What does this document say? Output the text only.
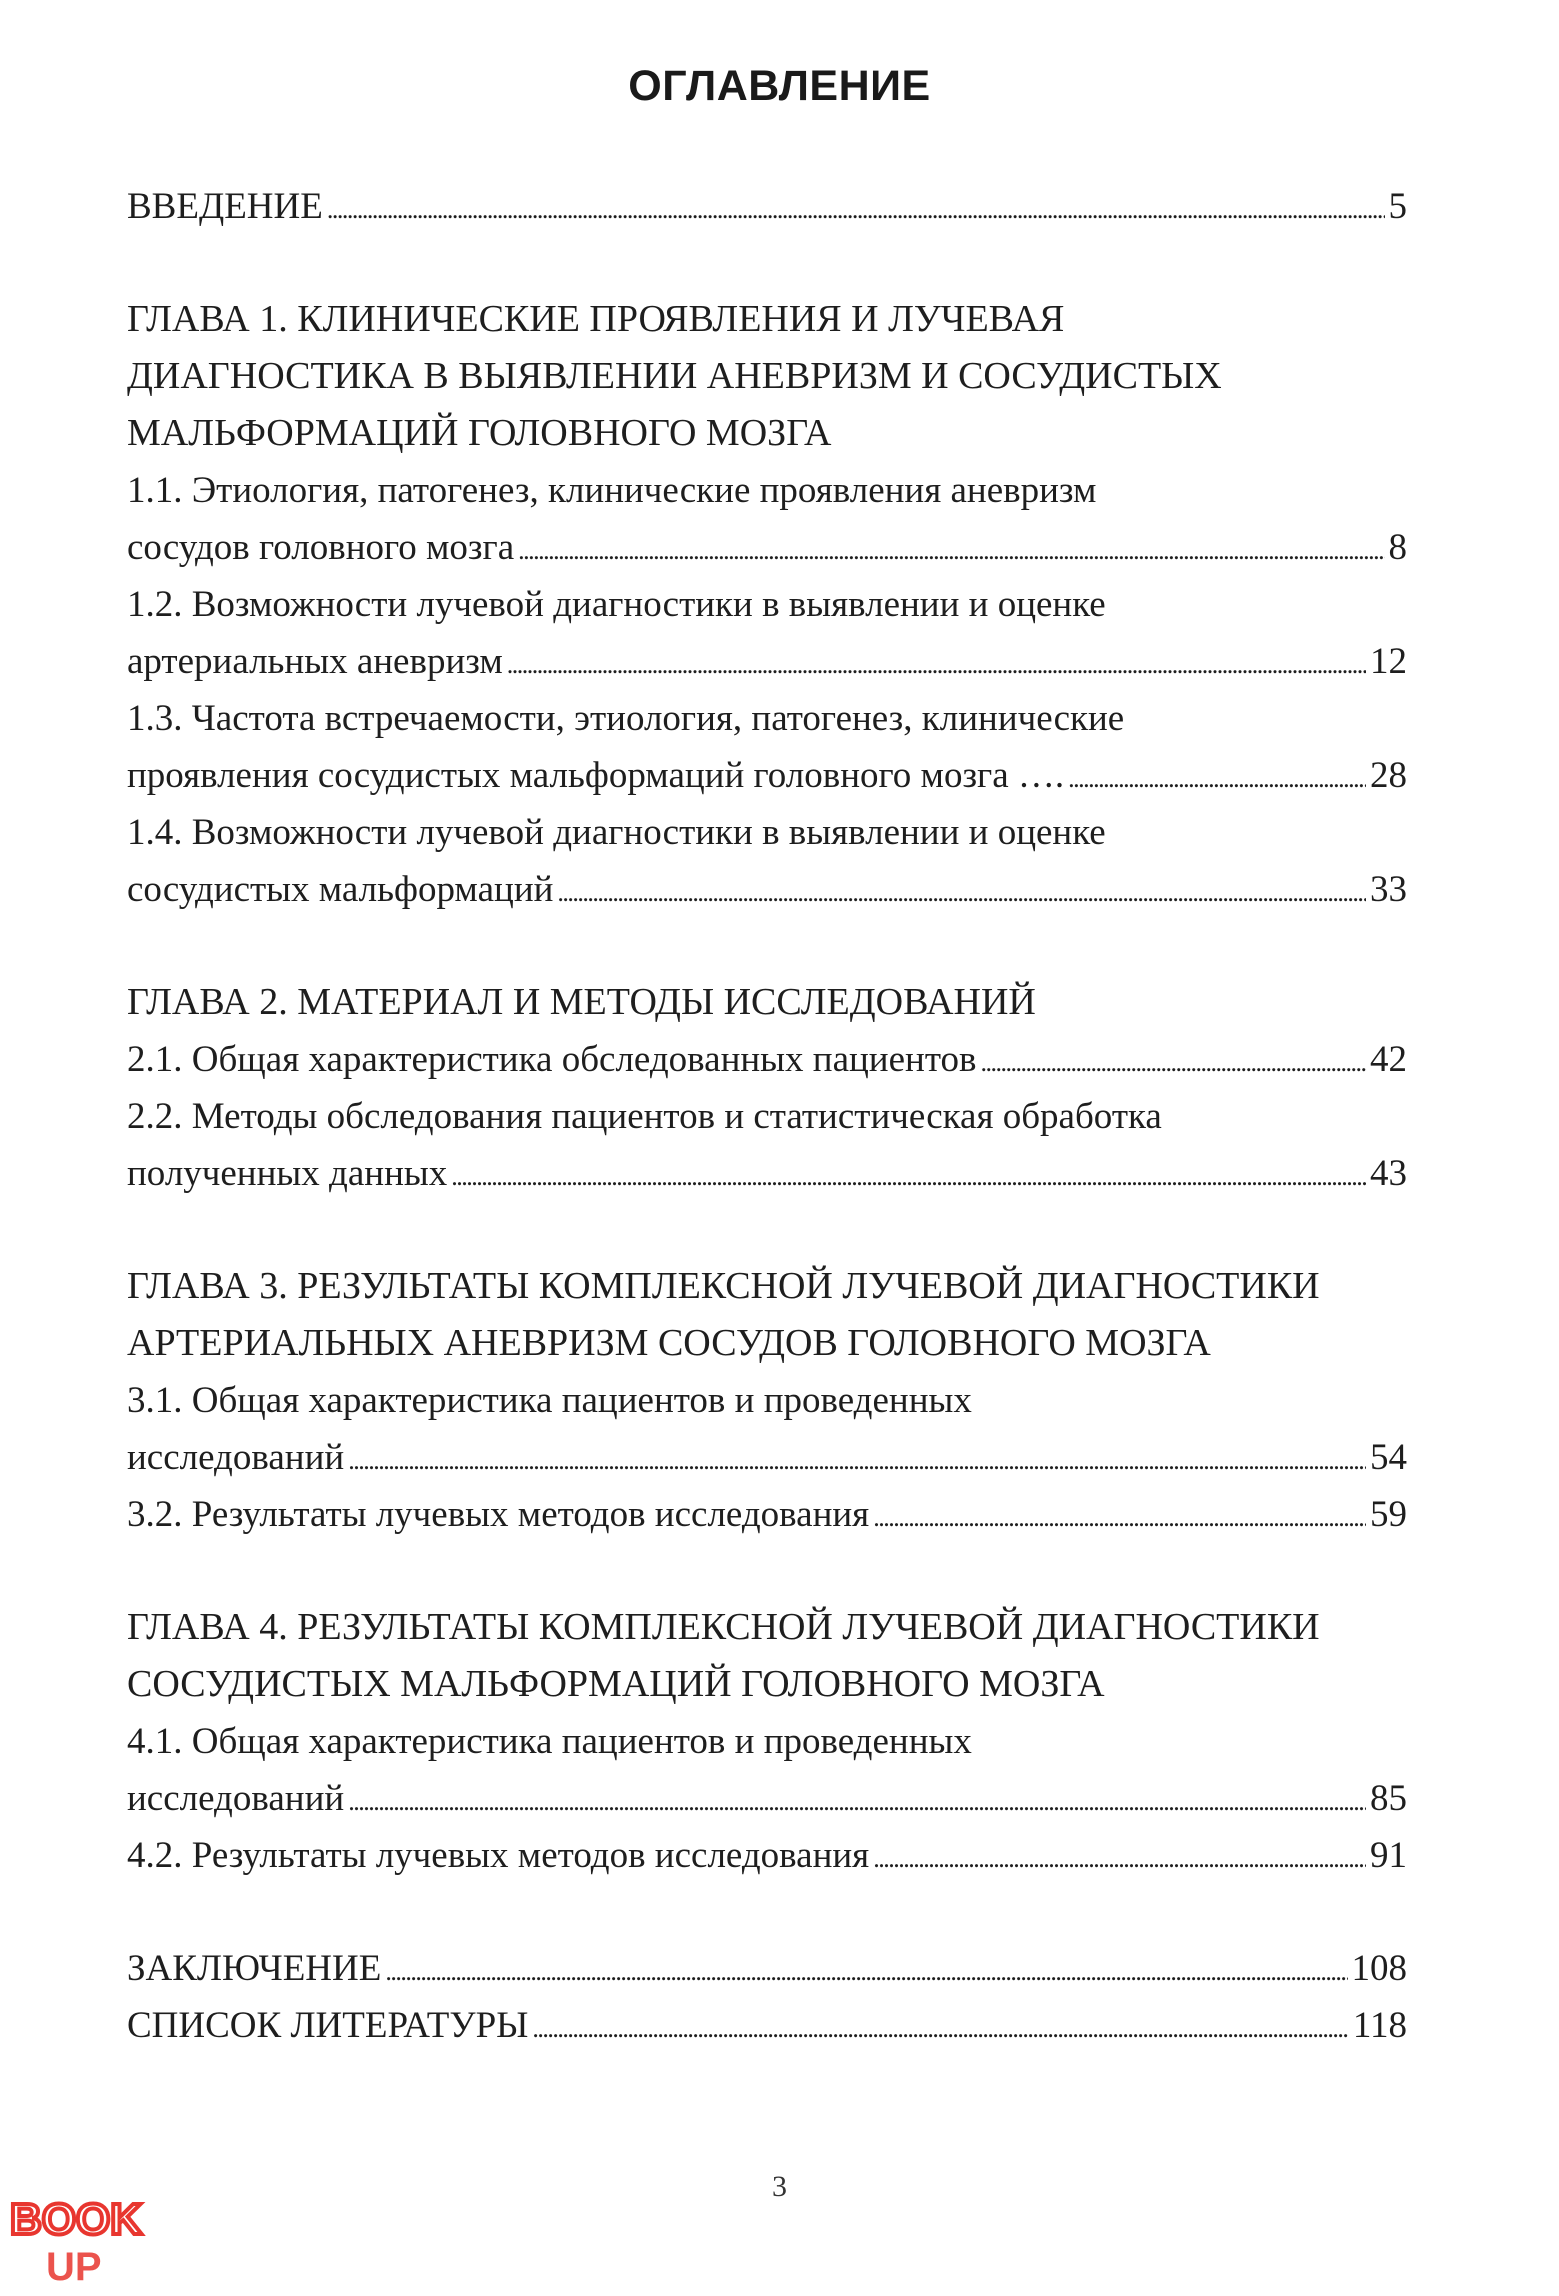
ОГЛАВЛЕНИЕ
ВВЕДЕНИЕ . . .	5
ГЛАВА 1. КЛИНИЧЕСКИЕ ПРОЯВЛЕНИЯ И ЛУЧЕВАЯ
ДИАГНОСТИКА В ВЫЯВЛЕНИИ АНЕВРИЗМ И СОСУДИСТЫХ
МАЛЬФОРМАЦИЙ ГОЛОВНОГО МОЗГА
1.1. Этиология, патогенез, клинические проявления аневризм
сосудов головного мозга . . .	8
1.2. Возможности лучевой диагностики в выявлении и оценке
артериальных аневризм . . .	12
1.3. Частота встречаемости, этиология, патогенез, клинические
проявления сосудистых мальформаций головного мозга …. . . .	28
1.4. Возможности лучевой диагностики в выявлении и оценке
сосудистых мальформаций . . .	33
ГЛАВА 2. МАТЕРИАЛ И МЕТОДЫ ИССЛЕДОВАНИЙ
2.1. Общая характеристика обследованных пациентов . . .	42
2.2. Методы обследования пациентов и статистическая обработка
полученных данных . . .	43
ГЛАВА 3. РЕЗУЛЬТАТЫ КОМПЛЕКСНОЙ ЛУЧЕВОЙ ДИАГНОСТИКИ
АРТЕРИАЛЬНЫХ АНЕВРИЗМ СОСУДОВ ГОЛОВНОГО МОЗГА
3.1. Общая характеристика пациентов и проведенных
исследований . . .	54
3.2. Результаты лучевых методов исследования . . .	59
ГЛАВА 4. РЕЗУЛЬТАТЫ КОМПЛЕКСНОЙ ЛУЧЕВОЙ ДИАГНОСТИКИ
СОСУДИСТЫХ МАЛЬФОРМАЦИЙ ГОЛОВНОГО МОЗГА
4.1. Общая характеристика пациентов и проведенных
исследований . . .	85
4.2. Результаты лучевых методов исследования . . .	91
ЗАКЛЮЧЕНИЕ . . .	108
СПИСОК ЛИТЕРАТУРЫ . . .	118
3
BOOK
UP
